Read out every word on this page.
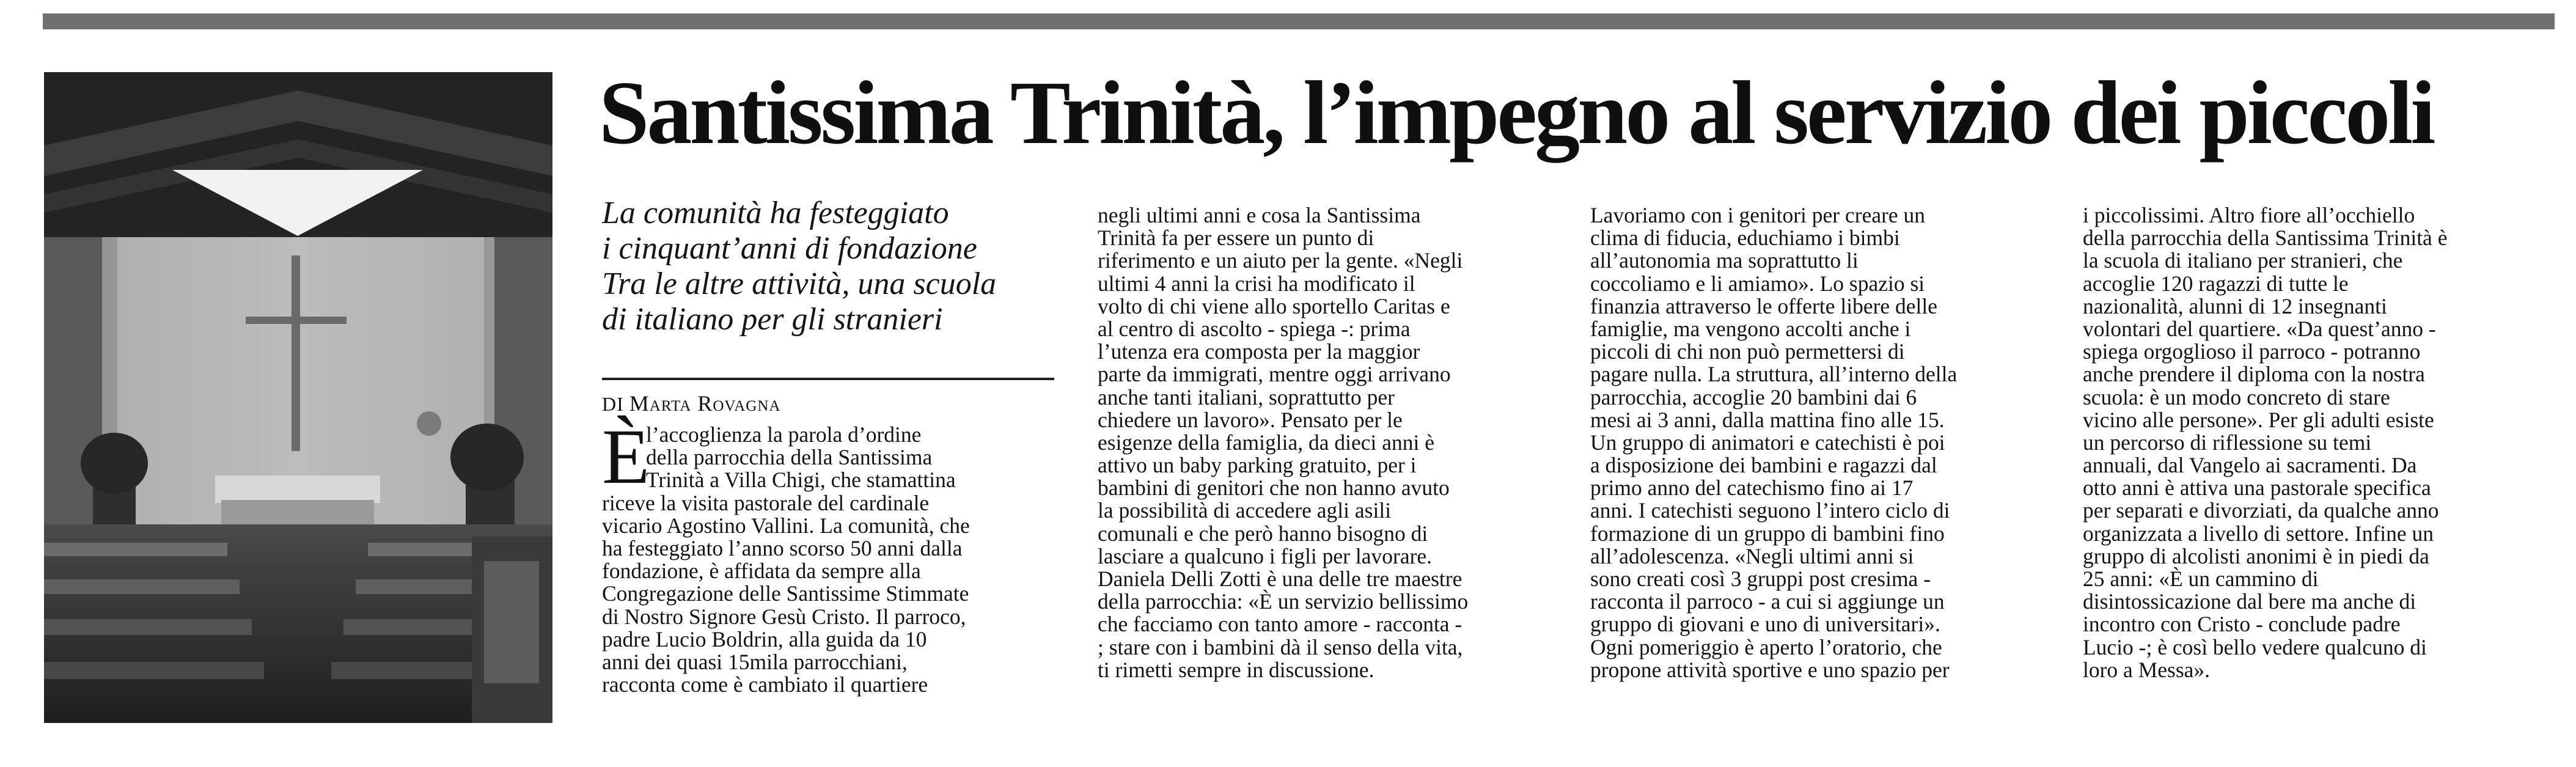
Santissima Trinità, l’impegno al servizio dei piccoli
La comunità ha festeggiato
i cinquant’anni di fondazione
Tra le altre attività, una scuola
di italiano per gli stranieri
DI Marta Rovagna
È
l’accoglienza la parola d’ordine
della parrocchia della Santissima
Trinità a Villa Chigi, che stamattina
riceve la visita pastorale del cardinale
vicario Agostino Vallini. La comunità, che
ha festeggiato l’anno scorso 50 anni dalla
fondazione, è affidata da sempre alla
Congregazione delle Santissime Stimmate
di Nostro Signore Gesù Cristo. Il parroco,
padre Lucio Boldrin, alla guida da 10
anni dei quasi 15mila parrocchiani,
racconta come è cambiato il quartiere
negli ultimi anni e cosa la Santissima
Trinità fa per essere un punto di
riferimento e un aiuto per la gente. «Negli
ultimi 4 anni la crisi ha modificato il
volto di chi viene allo sportello Caritas e
al centro di ascolto - spiega -: prima
l’utenza era composta per la maggior
parte da immigrati, mentre oggi arrivano
anche tanti italiani, soprattutto per
chiedere un lavoro». Pensato per le
esigenze della famiglia, da dieci anni è
attivo un baby parking gratuito, per i
bambini di genitori che non hanno avuto
la possibilità di accedere agli asili
comunali e che però hanno bisogno di
lasciare a qualcuno i figli per lavorare.
Daniela Delli Zotti è una delle tre maestre
della parrocchia: «È un servizio bellissimo
che facciamo con tanto amore - racconta -
; stare con i bambini dà il senso della vita,
ti rimetti sempre in discussione.
Lavoriamo con i genitori per creare un
clima di fiducia, educhiamo i bimbi
all’autonomia ma soprattutto li
coccoliamo e li amiamo». Lo spazio si
finanzia attraverso le offerte libere delle
famiglie, ma vengono accolti anche i
piccoli di chi non può permettersi di
pagare nulla. La struttura, all’interno della
parrocchia, accoglie 20 bambini dai 6
mesi ai 3 anni, dalla mattina fino alle 15.
Un gruppo di animatori e catechisti è poi
a disposizione dei bambini e ragazzi dal
primo anno del catechismo fino ai 17
anni. I catechisti seguono l’intero ciclo di
formazione di un gruppo di bambini fino
all’adolescenza. «Negli ultimi anni si
sono creati così 3 gruppi post cresima -
racconta il parroco - a cui si aggiunge un
gruppo di giovani e uno di universitari».
Ogni pomeriggio è aperto l’oratorio, che
propone attività sportive e uno spazio per
i piccolissimi. Altro fiore all’occhiello
della parrocchia della Santissima Trinità è
la scuola di italiano per stranieri, che
accoglie 120 ragazzi di tutte le
nazionalità, alunni di 12 insegnanti
volontari del quartiere. «Da quest’anno -
spiega orgoglioso il parroco - potranno
anche prendere il diploma con la nostra
scuola: è un modo concreto di stare
vicino alle persone». Per gli adulti esiste
un percorso di riflessione su temi
annuali, dal Vangelo ai sacramenti. Da
otto anni è attiva una pastorale specifica
per separati e divorziati, da qualche anno
organizzata a livello di settore. Infine un
gruppo di alcolisti anonimi è in piedi da
25 anni: «È un cammino di
disintossicazione dal bere ma anche di
incontro con Cristo - conclude padre
Lucio -; è così bello vedere qualcuno di
loro a Messa».
